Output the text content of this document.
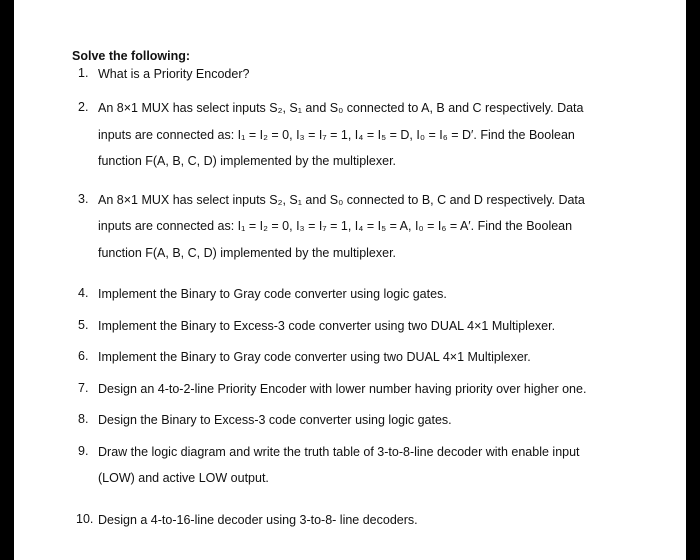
Solve the following:
1. What is a Priority Encoder?

2. An 8×1 MUX has select inputs S₂, S₁ and S₀ connected to A, B and C respectively. Data

inputs are connected as: I₁ = I₂ = 0, I₃ = I₇ = 1, I₄ = I₅ = D, I₀ = I₆ = D′. Find the Boolean

function F(A, B, C, D) implemented by the multiplexer.

3. An 8×1 MUX has select inputs S₂, S₁ and S₀ connected to B, C and D respectively. Data

inputs are connected as: I₁ = I₂ = 0, I₃ = I₇ = 1, I₄ = I₅ = A, I₀ = I₆ = A′. Find the Boolean

function F(A, B, C, D) implemented by the multiplexer.

4. Implement the Binary to Gray code converter using logic gates.

5. Implement the Binary to Excess-3 code converter using two DUAL 4×1 Multiplexer.

6. Implement the Binary to Gray code converter using two DUAL 4×1 Multiplexer.

7. Design an 4-to-2-line Priority Encoder with lower number having priority over higher one.

8. Design the Binary to Excess-3 code converter using logic gates.

9. Draw the logic diagram and write the truth table of 3-to-8-line decoder with enable input

(LOW) and active LOW output.

10. Design a 4-to-16-line decoder using 3-to-8- line decoders.
